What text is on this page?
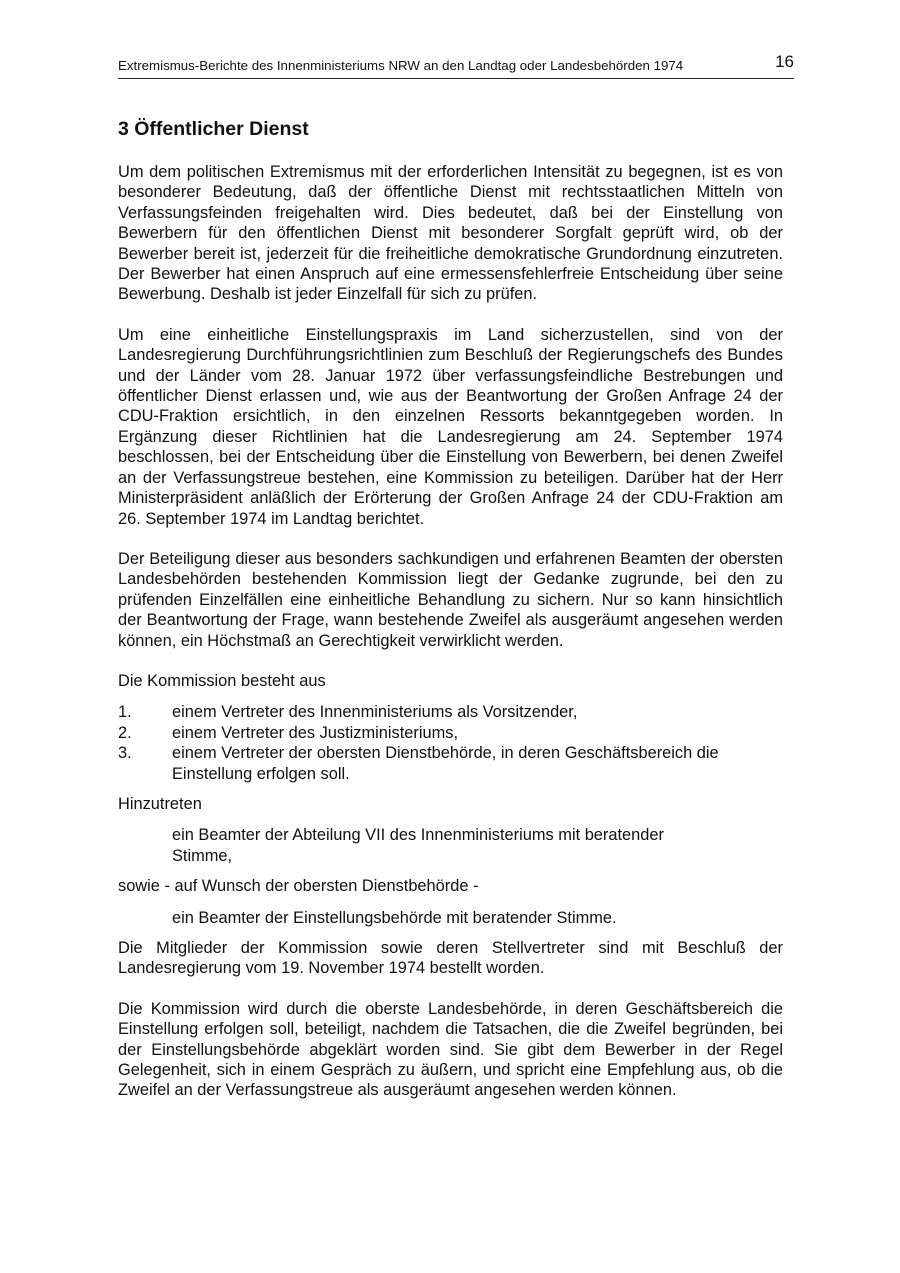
Extremismus-Berichte des Innenministeriums NRW an den Landtag oder Landesbehörden 1974	16
3 Öffentlicher Dienst

Um dem politischen Extremismus mit der erforderlichen Intensität zu begegnen, ist es von besonderer Bedeutung, daß der öffentliche Dienst mit rechtsstaatlichen Mitteln von Verfassungsfeinden freigehalten wird. Dies bedeutet, daß bei der Einstellung von Bewerbern für den öffentlichen Dienst mit besonderer Sorgfalt geprüft wird, ob der Bewerber bereit ist, jederzeit für die freiheitliche demokratische Grundordnung einzutreten. Der Bewerber hat einen Anspruch auf eine ermessensfehlerfreie Entscheidung über seine Bewerbung. Deshalb ist jeder Einzelfall für sich zu prüfen.

Um eine einheitliche Einstellungspraxis im Land sicherzustellen, sind von der Landesregierung Durchführungsrichtlinien zum Beschluß der Regierungschefs des Bundes und der Länder vom 28. Januar 1972 über verfassungsfeindliche Bestrebungen und öffentlicher Dienst erlassen und, wie aus der Beantwortung der Großen Anfrage 24 der CDU-Fraktion ersichtlich, in den einzelnen Ressorts bekanntgegeben worden. In Ergänzung dieser Richtlinien hat die Landesregierung am 24. September 1974 beschlossen, bei der Entscheidung über die Einstellung von Bewerbern, bei denen Zweifel an der Verfassungstreue bestehen, eine Kommission zu beteiligen. Darüber hat der Herr Ministerpräsident anläßlich der Erörterung der Großen Anfrage 24 der CDU-Fraktion am 26. September 1974 im Landtag berichtet.

Der Beteiligung dieser aus besonders sachkundigen und erfahrenen Beamten der obersten Landesbehörden bestehenden Kommission liegt der Gedanke zugrunde, bei den zu prüfenden Einzelfällen eine einheitliche Behandlung zu sichern. Nur so kann hinsichtlich der Beantwortung der Frage, wann bestehende Zweifel als ausgeräumt angesehen werden können, ein Höchstmaß an Gerechtigkeit verwirklicht werden.

Die Kommission besteht aus

1.	einem Vertreter des Innenministeriums als Vorsitzender,
2.	einem Vertreter des Justizministeriums,
3.	einem Vertreter der obersten Dienstbehörde, in deren Geschäftsbereich die Einstellung erfolgen soll.

Hinzutreten

ein Beamter der Abteilung VII des Innenministeriums mit beratender Stimme,

sowie - auf Wunsch der obersten Dienstbehörde -

ein Beamter der Einstellungsbehörde mit beratender Stimme.

Die Mitglieder der Kommission sowie deren Stellvertreter sind mit Beschluß der Landesregierung vom 19. November 1974 bestellt worden.

Die Kommission wird durch die oberste Landesbehörde, in deren Geschäftsbereich die Einstellung erfolgen soll, beteiligt, nachdem die Tatsachen, die die Zweifel begründen, bei der Einstellungsbehörde abgeklärt worden sind. Sie gibt dem Bewerber in der Regel Gelegenheit, sich in einem Gespräch zu äußern, und spricht eine Empfehlung aus, ob die Zweifel an der Verfassungstreue als ausgeräumt angesehen werden können.
